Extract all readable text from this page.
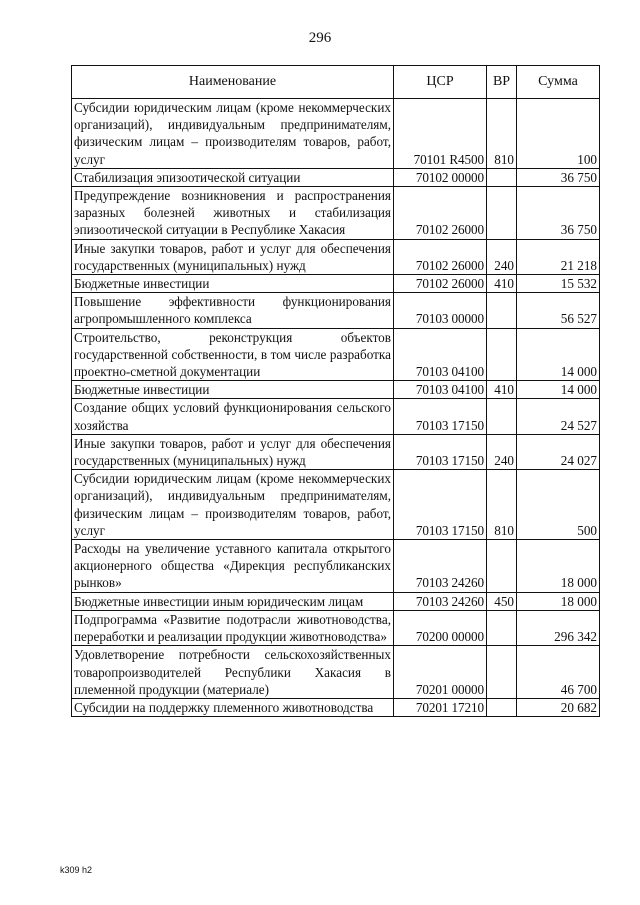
296
Наименование	ЦСР	ВР	Сумма
Субсидии юридическим лицам (кроме некоммерческих организаций), индивидуальным предпринимателям, физическим лицам – производителям товаров, работ, услуг	70101 R4500	810	100
Стабилизация эпизоотической ситуации	70102 00000		36 750
Предупреждение возникновения и распространения заразных болезней животных и стабилизация эпизоотической ситуации в Республике Хакасия	70102 26000		36 750
Иные закупки товаров, работ и услуг для обеспечения государственных (муниципальных) нужд	70102 26000	240	21 218
Бюджетные инвестиции	70102 26000	410	15 532
Повышение эффективности функционирования агропромышленного комплекса	70103 00000		56 527
Строительство, реконструкция объектов государственной собственности, в том числе разработка проектно-сметной документации	70103 04100		14 000
Бюджетные инвестиции	70103 04100	410	14 000
Создание общих условий функционирования сельского хозяйства	70103 17150		24 527
Иные закупки товаров, работ и услуг для обеспечения государственных (муниципальных) нужд	70103 17150	240	24 027
Субсидии юридическим лицам (кроме некоммерческих организаций), индивидуальным предпринимателям, физическим лицам – производителям товаров, работ, услуг	70103 17150	810	500
Расходы на увеличение уставного капитала открытого акционерного общества «Дирекция республиканских рынков»	70103 24260		18 000
Бюджетные инвестиции иным юридическим лицам	70103 24260	450	18 000
Подпрограмма «Развитие подотрасли животноводства, переработки и реализации продукции животноводства»	70200 00000		296 342
Удовлетворение потребности сельскохозяйственных товаропроизводителей Республики Хакасия в племенной продукции (материале)	70201 00000		46 700
Субсидии на поддержку племенного животноводства	70201 17210		20 682
k309 h2
